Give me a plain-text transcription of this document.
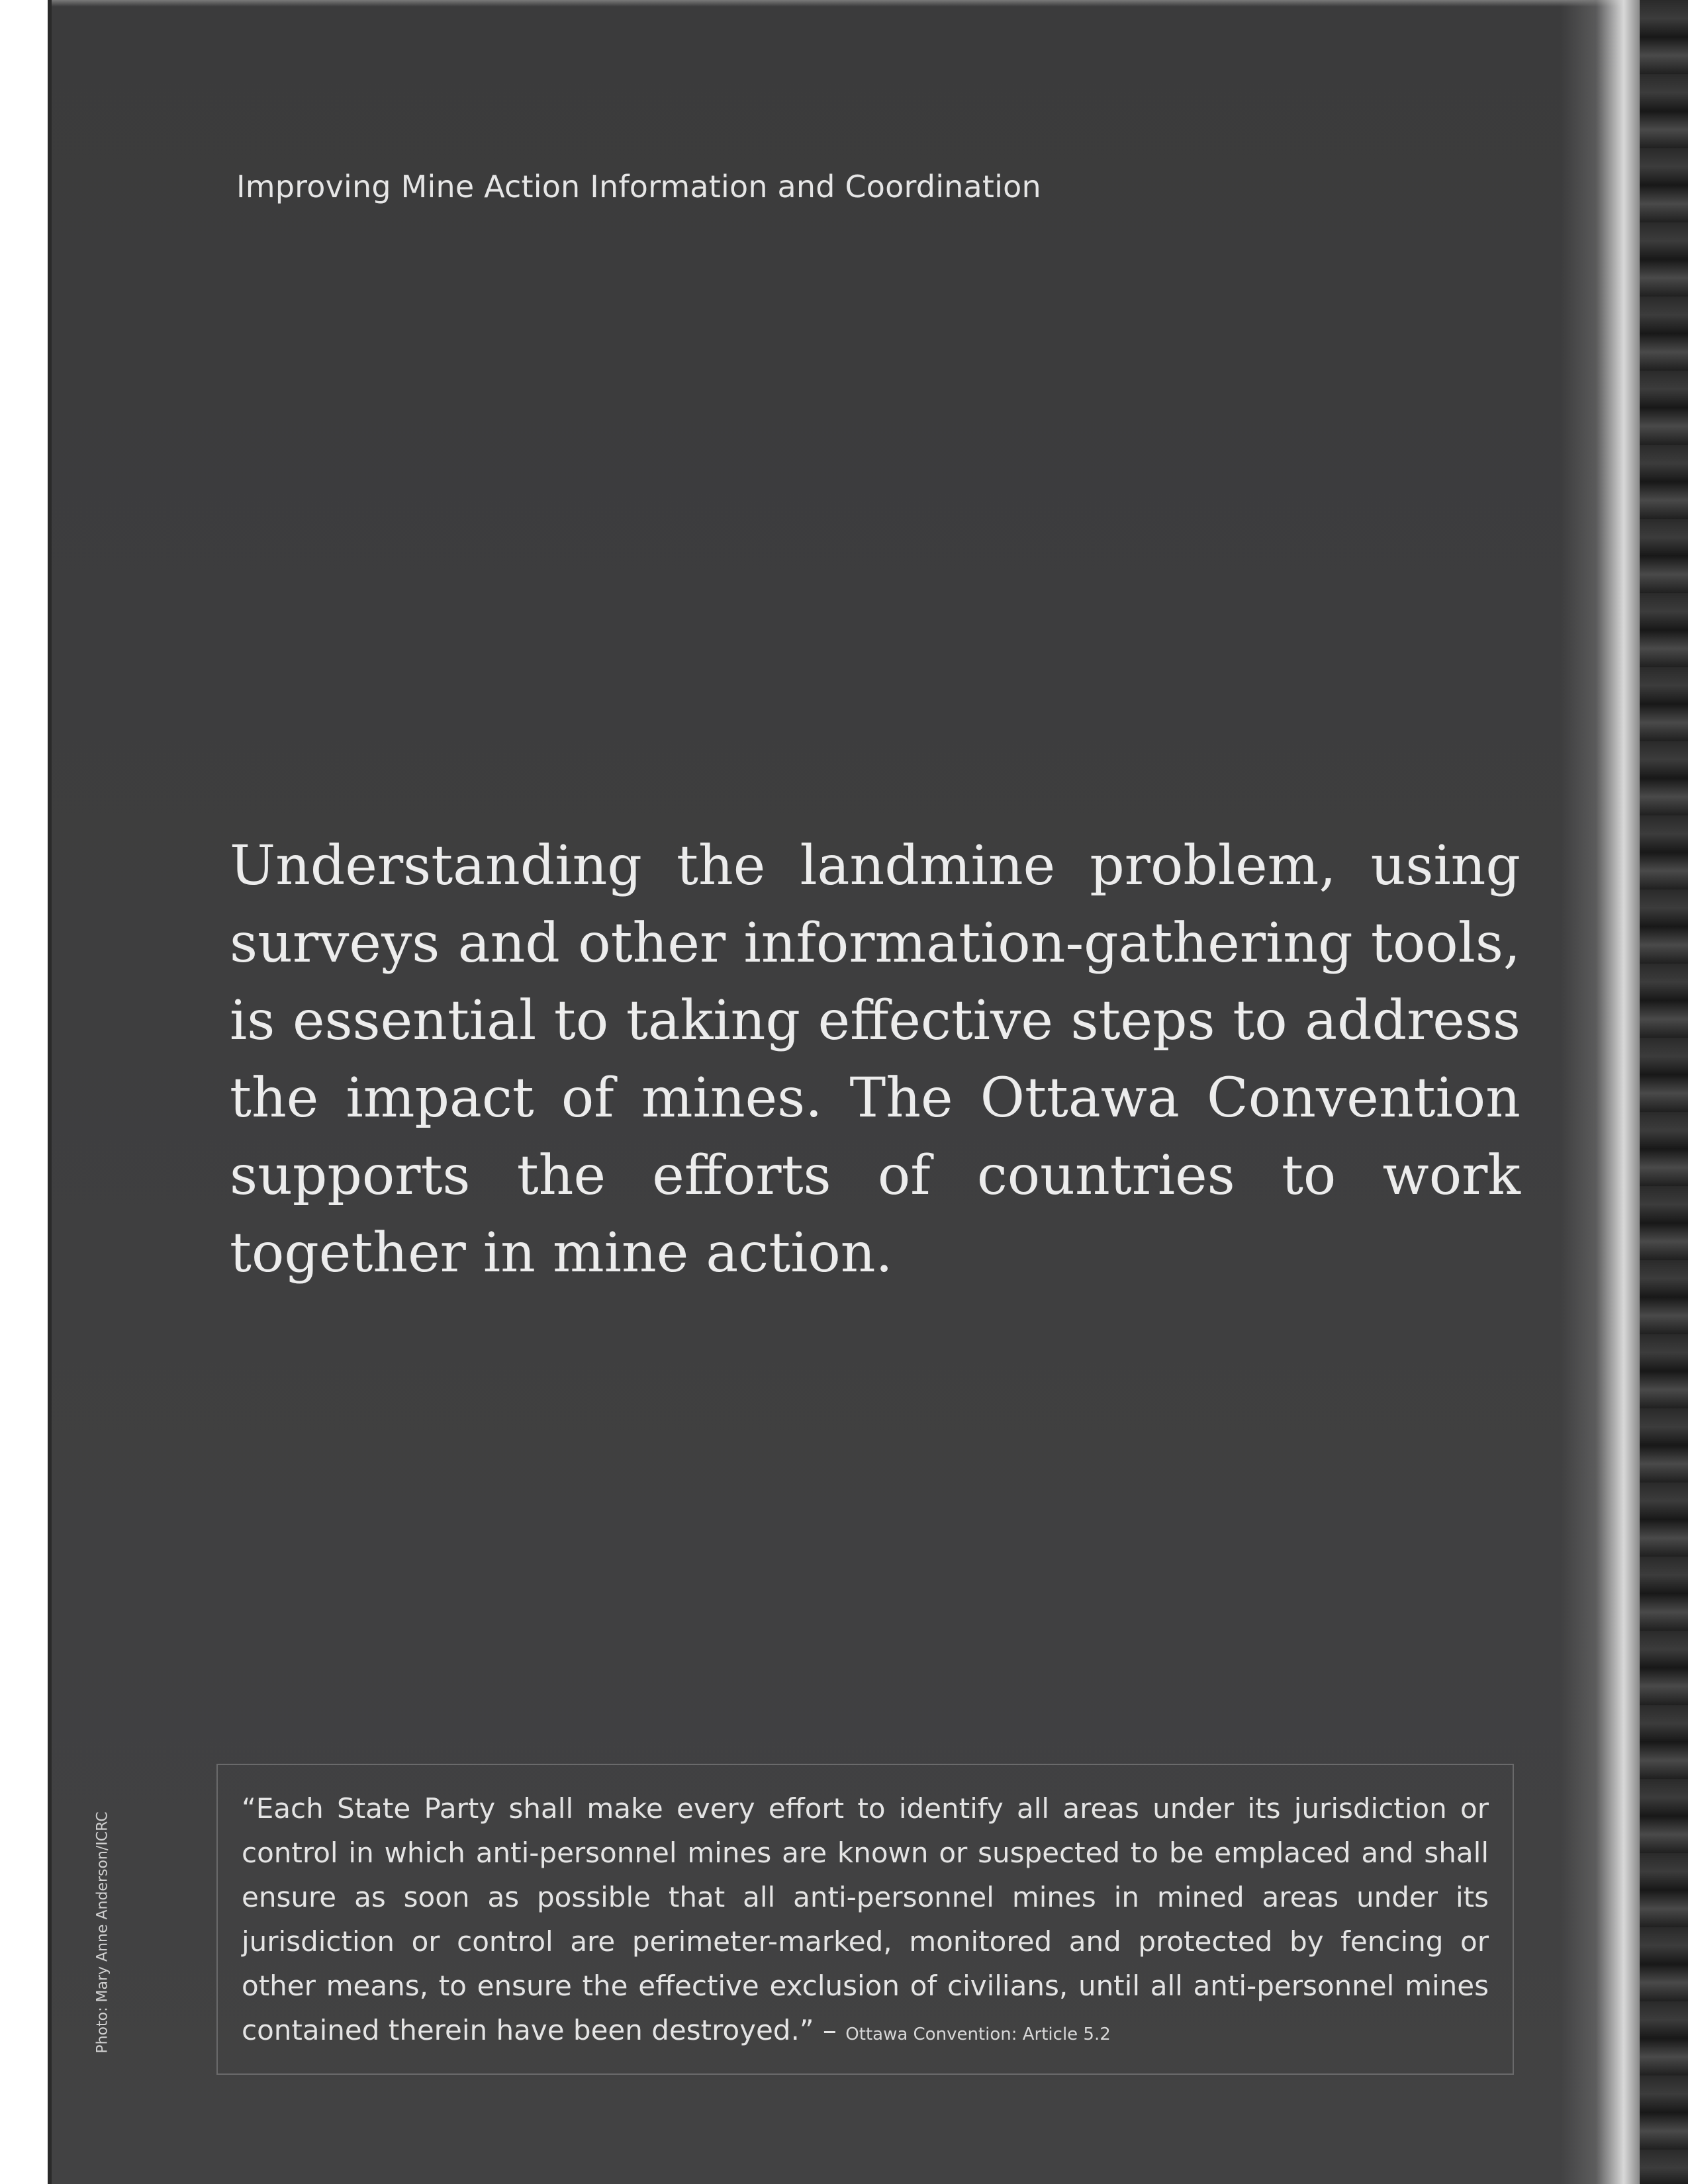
Improving Mine Action Information and Coordination

Understanding the landmine problem, using surveys and other information-gathering tools, is essential to taking effective steps to address the impact of mines. The Ottawa Convention supports the efforts of countries to work together in mine action.

“Each State Party shall make every effort to identify all areas under its jurisdiction or control in which anti-personnel mines are known or suspected to be emplaced and shall ensure as soon as possible that all anti-personnel mines in mined areas under its jurisdiction or control are perimeter-marked, monitored and protected by fencing or other means, to ensure the effective exclusion of civilians, until all anti-personnel mines contained therein have been destroyed.” – Ottawa Convention: Article 5.2

Photo: Mary Anne Anderson/ICRC
